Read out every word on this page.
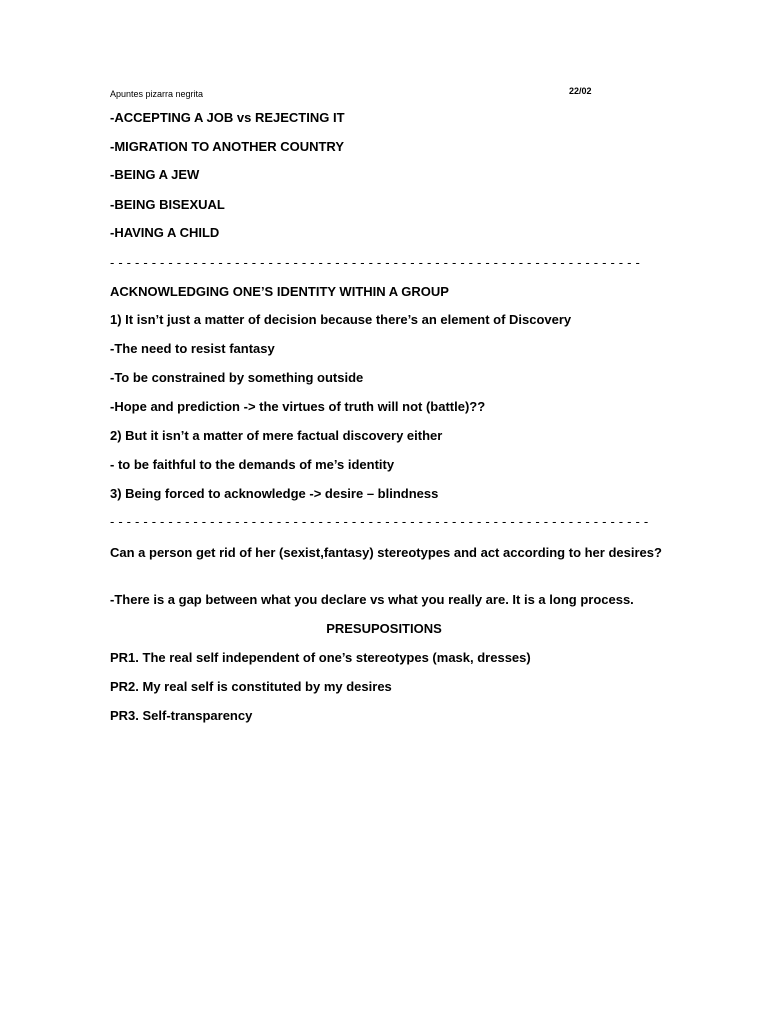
Apuntes pizarra negrita	22/02
-ACCEPTING A JOB vs REJECTING IT
-MIGRATION TO ANOTHER COUNTRY
-BEING A JEW
-BEING BISEXUAL
-HAVING A CHILD
- - - - - - - - - - - - - - - - - - - - - - - - - - - - - - - - - - - - - - - - - - - - - - - - - - - - - - - - - - - - - - - -
ACKNOWLEDGING ONE’S IDENTITY WITHIN A GROUP
1) It isn’t just a matter of decision because there’s an element of Discovery
-The need to resist fantasy
-To be constrained by something outside
-Hope and prediction -> the virtues of truth will not (battle)??
2) But it isn’t a matter of mere factual discovery either
- to be faithful to the demands of me’s identity
3) Being forced to acknowledge -> desire – blindness
- - - - - - - - - - - - - - - - - - - - - - - - - - - - - - - - - - - - - - - - - - - - - - - - - - - - - - - - - - - - - - - - -
Can a person get rid of her (sexist,fantasy) stereotypes and act according to her desires?
-There is a gap between what you declare vs what you really are. It is a long process.
PRESUPOSITIONS
PR1. The real self independent of one’s stereotypes (mask, dresses)
PR2. My real self is constituted by my desires
PR3. Self-transparency
